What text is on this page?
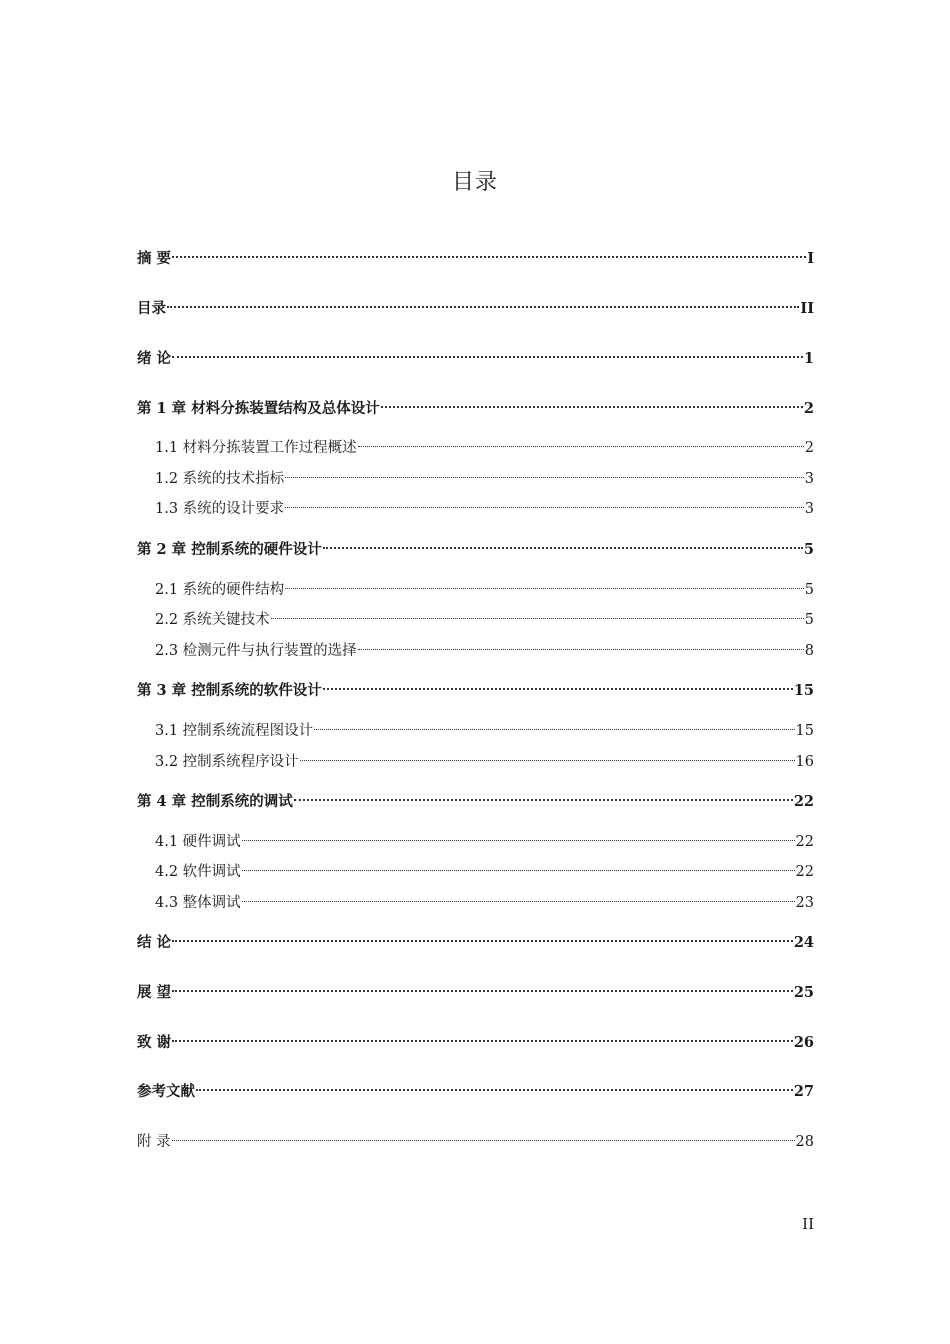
目录
摘 要	I
目录	II
绪 论	1
第 1 章 材料分拣装置结构及总体设计	2
1.1 材料分拣装置工作过程概述	2
1.2 系统的技术指标	3
1.3 系统的设计要求	3
第 2 章 控制系统的硬件设计	5
2.1 系统的硬件结构	5
2.2 系统关键技术	5
2.3 检测元件与执行装置的选择	8
第 3 章 控制系统的软件设计	15
3.1 控制系统流程图设计	15
3.2 控制系统程序设计	16
第 4 章 控制系统的调试	22
4.1 硬件调试	22
4.2 软件调试	22
4.3 整体调试	23
结 论	24
展 望	25
致 谢	26
参考文献	27
附 录	28
II
